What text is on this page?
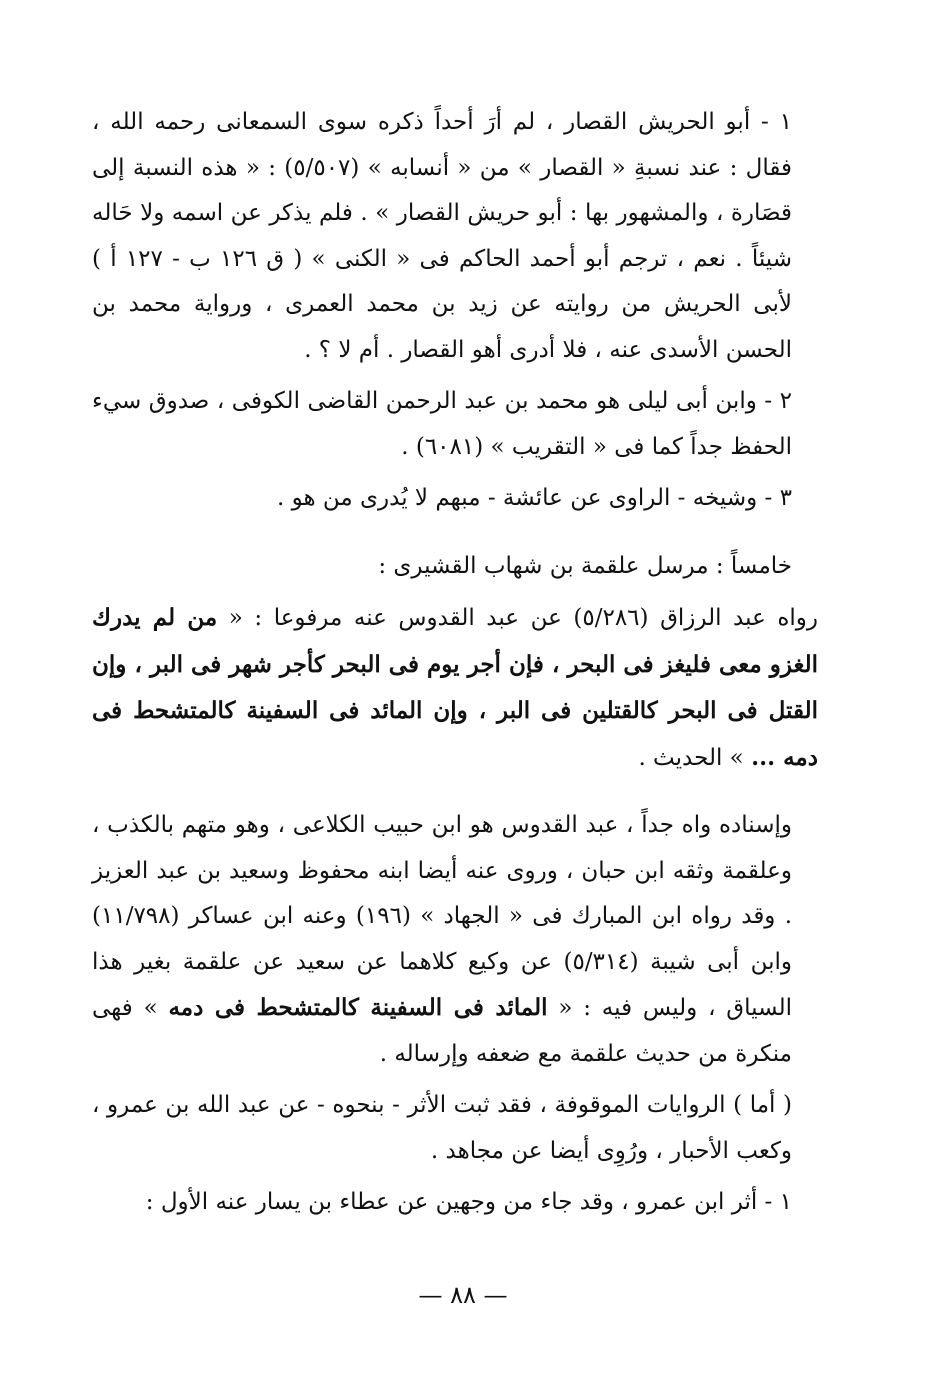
١ - أبو الحريش القصار ، لم أرَ أحداً ذكره سوى السمعانى رحمه الله ، فقال : عند نسبةِ « القصار » من « أنسابه » (٥/٥٠٧) : « هذه النسبة إلى قصَارة ، والمشهور بها : أبو حريش القصار » . فلم يذكر عن اسمه ولا حَاله شيئاً . نعم ، ترجم أبو أحمد الحاكم فى « الكنى » ( ق ١٢٦ ب - ١٢٧ أ ) لأبى الحريش من روايته عن زيد بن محمد العمرى ، ورواية محمد بن الحسن الأسدى عنه ، فلا أدرى أهو القصار . أم لا ؟ .

٢ - وابن أبى ليلى هو محمد بن عبد الرحمن القاضى الكوفى ، صدوق سيء الحفظ جداً كما فى « التقريب » (٦٠٨١) .

٣ - وشيخه - الراوى عن عائشة - مبهم لا يُدرى من هو .

خامساً : مرسل علقمة بن شهاب القشيرى :

رواه عبد الرزاق (٥/٢٨٦) عن عبد القدوس عنه مرفوعا : « من لم يدرك الغزو معى فليغز فى البحر ، فإن أجر يوم فى البحر كأجر شهر فى البر ، وإن القتل فى البحر كالقتلين فى البر ، وإن المائد فى السفينة كالمتشحط فى دمه ... » الحديث .

وإسناده واه جداً ، عبد القدوس هو ابن حبيب الكلاعى ، وهو متهم بالكذب ، وعلقمة وثقه ابن حبان ، وروى عنه أيضا ابنه محفوظ وسعيد بن عبد العزيز . وقد رواه ابن المبارك فى « الجهاد » (١٩٦) وعنه ابن عساكر (١١/٧٩٨) وابن أبى شيبة (٥/٣١٤) عن وكيع كلاهما عن سعيد عن علقمة بغير هذا السياق ، وليس فيه : « المائد فى السفينة كالمتشحط فى دمه » فهى منكرة من حديث علقمة مع ضعفه وإرساله .

( أما ) الروايات الموقوفة ، فقد ثبت الأثر - بنحوه - عن عبد الله بن عمرو ، وكعب الأحبار ، ورُوِى أيضا عن مجاهد .

١ - أثر ابن عمرو ، وقد جاء من وجهين عن عطاء بن يسار عنه الأول :

— ٨٨ —
